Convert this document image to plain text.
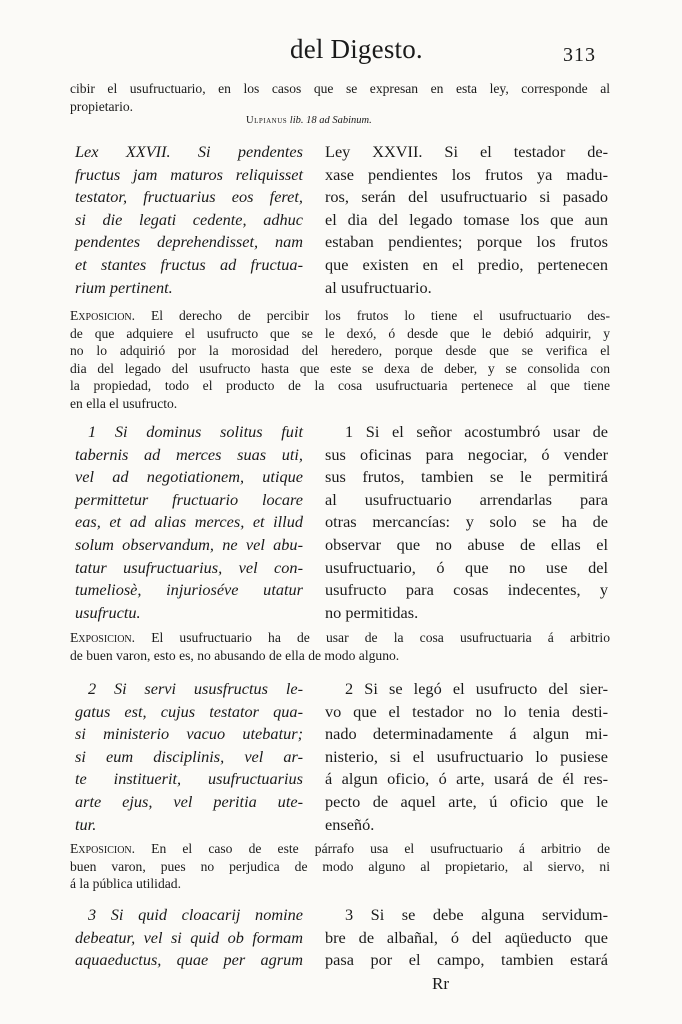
del Digesto.	313
cibir el usufructuario, en los casos que se expresan en esta ley, corresponde al
propietario.
Ulpianus lib. 18 ad Sabinum.
Lex XXVII. Si pendentes
fructus jam maturos reliquisset
testator, fructuarius eos feret,
si die legati cedente, adhuc
pendentes deprehendisset, nam
et stantes fructus ad fructua-
rium pertinent.
Ley XXVII. Si el testador de-
xase pendientes los frutos ya madu-
ros, serán del usufructuario si pasado
el dia del legado tomase los que aun
estaban pendientes; porque los frutos
que existen en el predio, pertenecen
al usufructuario.
Exposicion. El derecho de percibir los frutos lo tiene el usufructuario des-
de que adquiere el usufructo que se le dexó, ó desde que le debió adquirir, y
no lo adquirió por la morosidad del heredero, porque desde que se verifica el
dia del legado del usufructo hasta que este se dexa de deber, y se consolida con
la propiedad, todo el producto de la cosa usufructuaria pertenece al que tiene
en ella el usufructo.
1 Si dominus solitus fuit
tabernis ad merces suas uti,
vel ad negotiationem, utique
permittetur fructuario locare
eas, et ad alias merces, et illud
solum observandum, ne vel abu-
tatur usufructuarius, vel con-
tumeliosè, injurioséve utatur
usufructu.
1 Si el señor acostumbró usar de
sus oficinas para negociar, ó vender
sus frutos, tambien se le permitirá
al usufructuario arrendarlas para
otras mercancías: y solo se ha de
observar que no abuse de ellas el
usufructuario, ó que no use del
usufructo para cosas indecentes, y
no permitidas.
Exposicion. El usufructuario ha de usar de la cosa usufructuaria á arbitrio
de buen varon, esto es, no abusando de ella de modo alguno.
2 Si servi ususfructus le-
gatus est, cujus testator qua-
si ministerio vacuo utebatur;
si eum disciplinis, vel ar-
te instituerit, usufructuarius
arte ejus, vel peritia ute-
tur.
2 Si se legó el usufructo del sier-
vo que el testador no lo tenia desti-
nado determinadamente á algun mi-
nisterio, si el usufructuario lo pusiese
á algun oficio, ó arte, usará de él res-
pecto de aquel arte, ú oficio que le
enseñó.
Exposicion. En el caso de este párrafo usa el usufructuario á arbitrio de
buen varon, pues no perjudica de modo alguno al propietario, al siervo, ni
á la pública utilidad.
3 Si quid cloacarij nomine
debeatur, vel si quid ob formam
aquaeductus, quae per agrum
3 Si se debe alguna servidum-
bre de albañal, ó del aqüeducto que
pasa por el campo, tambien estará
Rr
